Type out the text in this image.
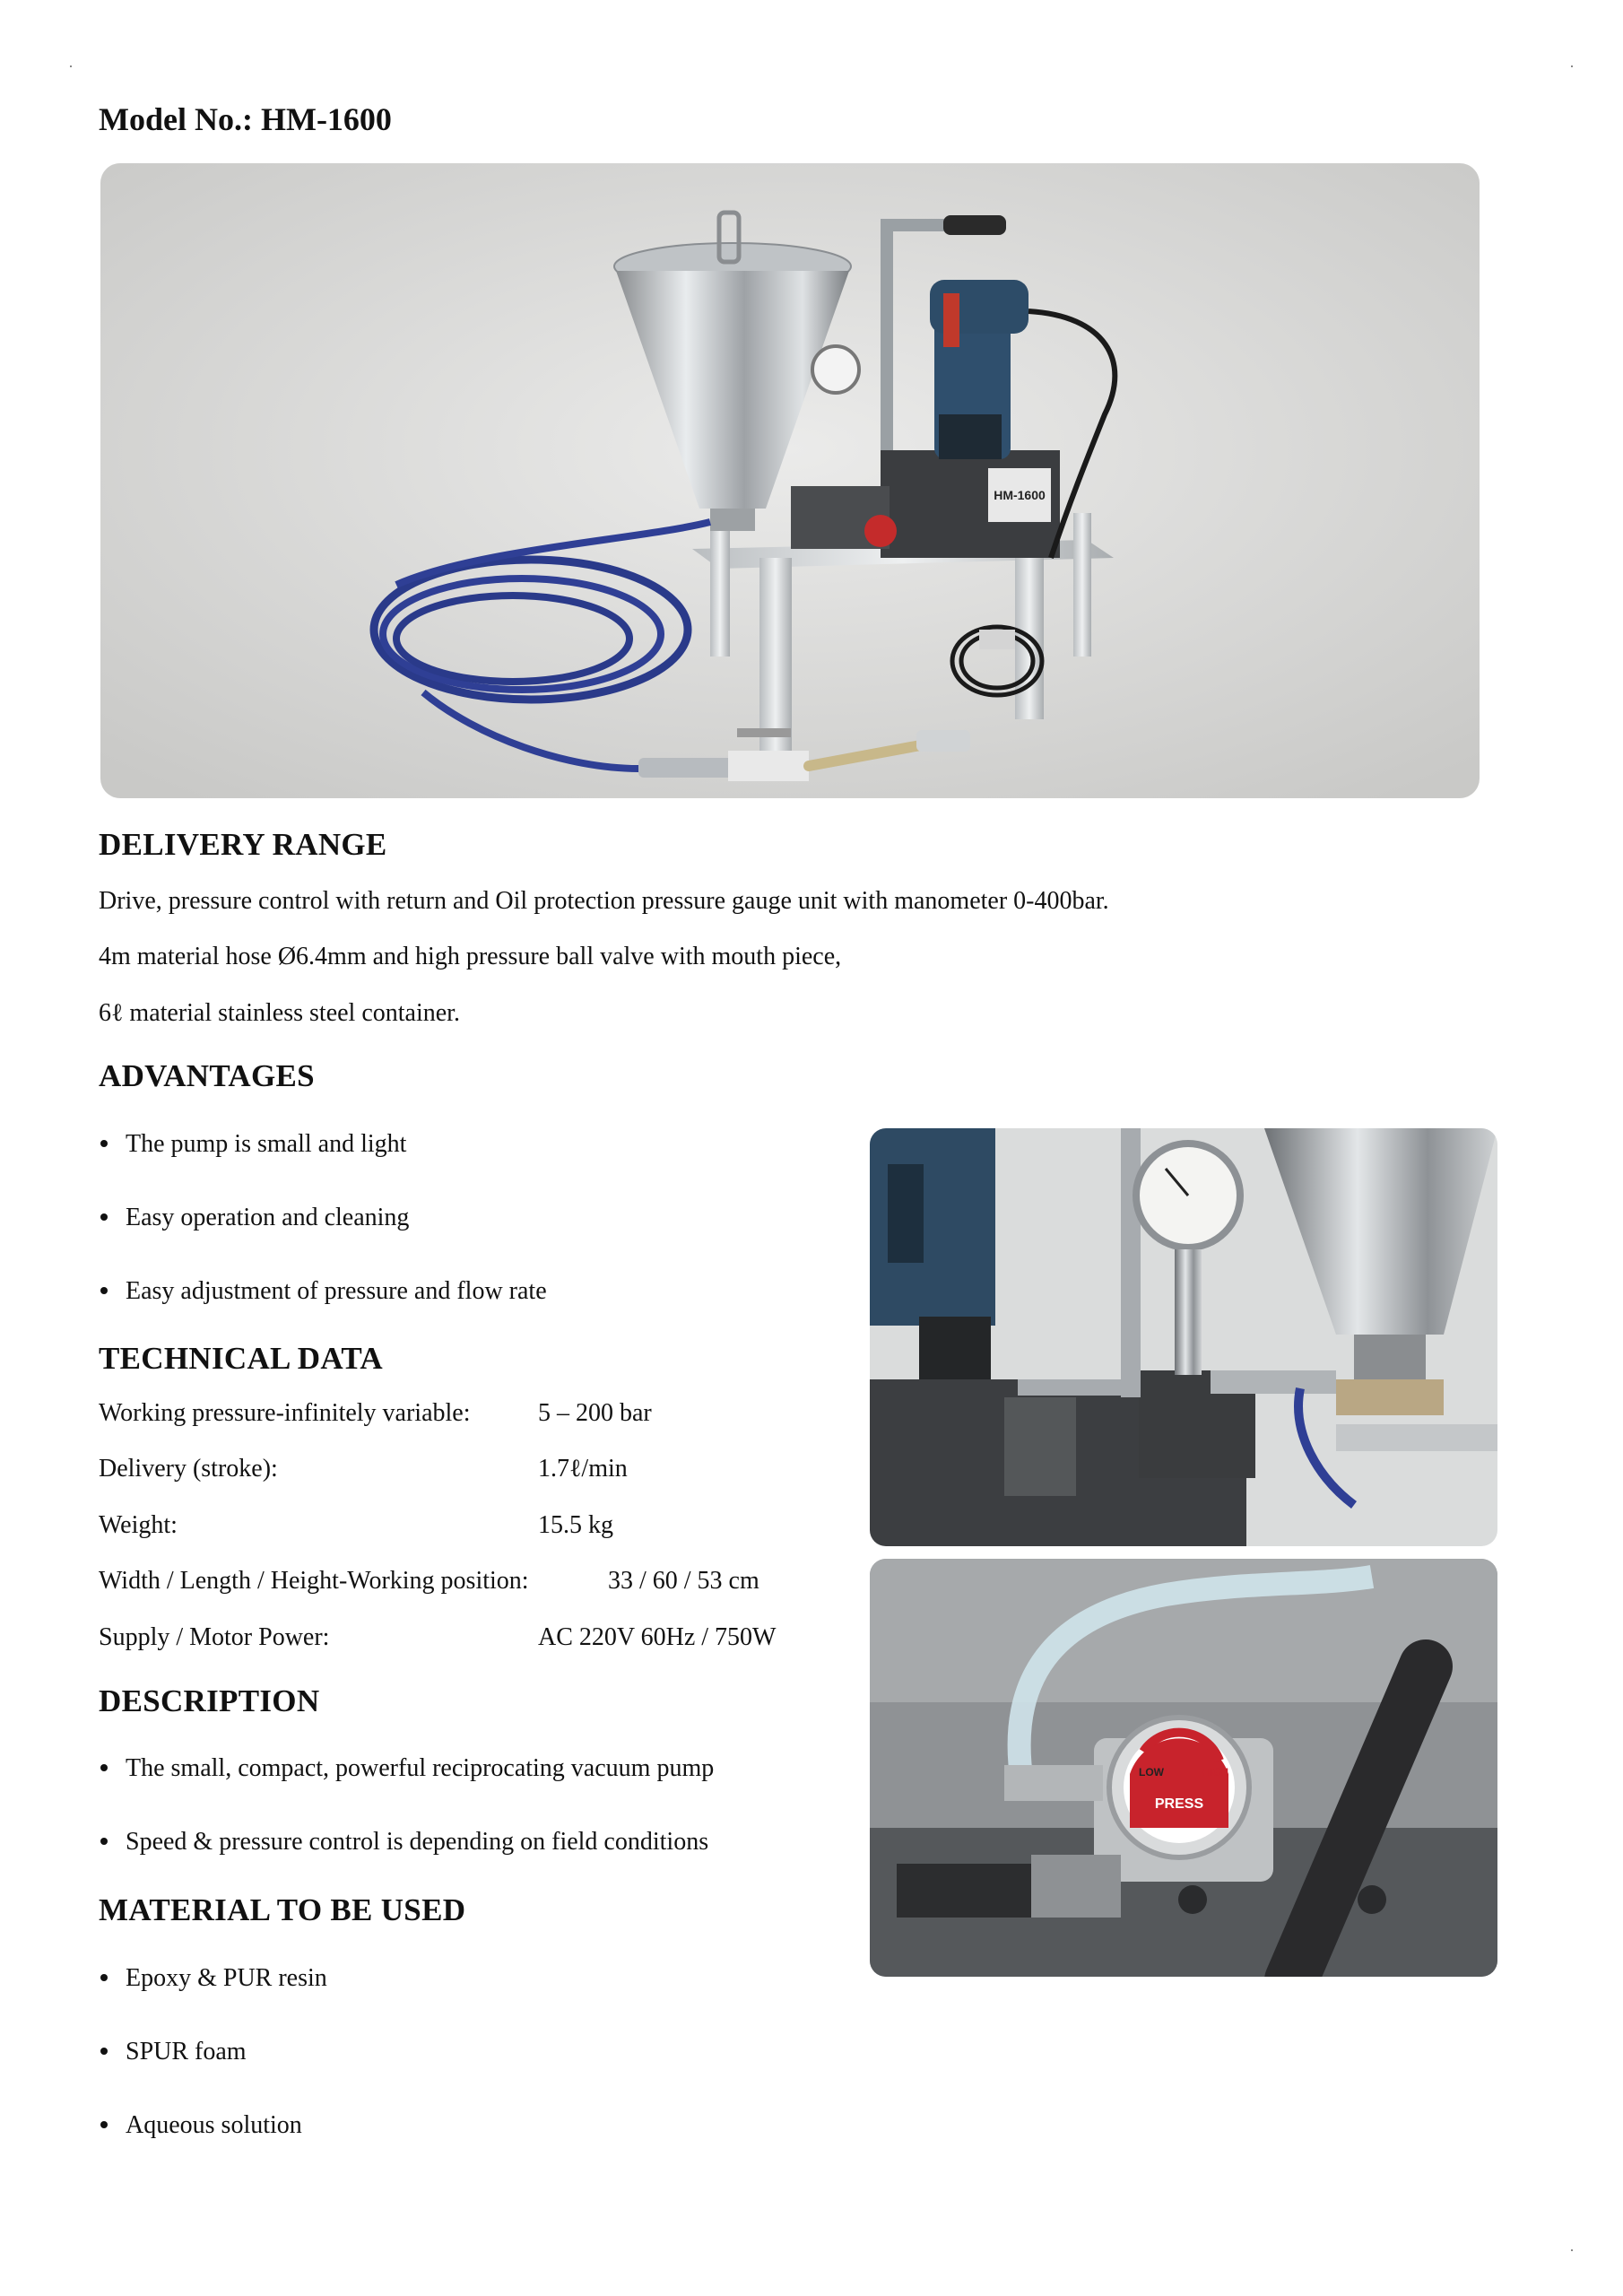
Model No.: HM-1600
HM-1600
DELIVERY RANGE
Drive, pressure control with return and Oil protection pressure gauge unit with manometer 0-400bar.
4m material hose Ø6.4mm and high pressure ball valve with mouth piece,
6ℓ material stainless steel container.
ADVANTAGES
The pump is small and light
Easy operation and cleaning
Easy adjustment of pressure and flow rate
TECHNICAL DATA
Working pressure-infinitely variable:	5 – 200 bar
Delivery (stroke):	1.7ℓ/min
Weight:	15.5 kg
Width / Length / Height-Working position:	33 / 60 / 53 cm
Supply / Motor Power:	AC 220V 60Hz / 750W
DESCRIPTION
The small, compact, powerful reciprocating vacuum pump
Speed & pressure control is depending on field conditions
MATERIAL TO BE USED
Epoxy & PUR resin
SPUR foam
Aqueous solution
LOW	HIGH
PRESS
